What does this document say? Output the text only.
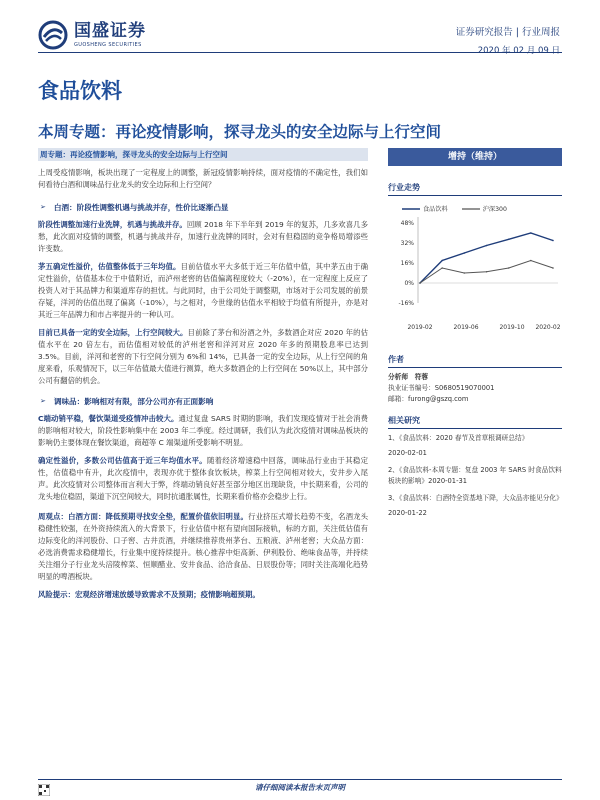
国盛证券
GUOSHENG SECURITIES
证券研究报告 | 行业周报
2020 年 02 月 09 日
食品饮料
本周专题：再论疫情影响，探寻龙头的安全边际与上行空间
周专题：再论疫情影响，探寻龙头的安全边际与上行空间
上周受疫情影响，板块出现了一定程度上的调整，新冠疫情影响持续，面对疫情的不确定性，我们如何看待白酒和调味品行业龙头的安全边际和上行空间？
➢ 白酒：阶段性调整机遇与挑战并存，性价比逐渐凸显
阶段性调整加速行业洗牌，机遇与挑战并存。回顾 2018 年下半年到 2019 年的复苏，几多欢喜几多愁，此次面对疫情的调整，机遇与挑战并存，加速行业洗牌的同时，会对有但稳固的竞争格局增添些许变数。
茅五确定性溢价，估值整体低于三年均值。目前估值水平大多低于近三年估值中值，其中茅五由于确定性溢价，估值基本位于中值附近，而泸州老窖的估值偏离程度较大（-20%），在一定程度上反应了投资人对于其品牌力和渠道库存的担忧。与此同时，由于公司处于调整期，市场对于公司发展的前景存疑，洋河的估值出现了偏离（-10%），与之相对，今世缘的估值水平相较于均值有所提升，亦是对其近三年品牌力和市占率提升的一种认可。
目前已具备一定的安全边际，上行空间较大。目前除了茅台和汾酒之外，多数酒企对应 2020 年的估值水平在 20 倍左右，而估值相对较低的泸州老窖和洋河对应 2020 年多的预期股息率已达到 3.5%。目前，洋河和老窖的下行空间分别为 6%和 14%，已具备一定的安全边际，从上行空间的角度来看，乐观情况下，以三年估值最大值进行测算，绝大多数酒企的上行空间在 50%以上，其中部分公司有翻倍的机会。
➢ 调味品：影响相对有限，部分公司亦有正面影响
C端动销平稳，餐饮渠道受疫情冲击较大。通过复盘 SARS 时期的影响，我们发现疫情对于社会消费的影响相对较大，阶段性影响集中在 2003 年二季度。经过调研，我们认为此次疫情对调味品板块的影响仍主要体现在餐饮渠道，商超等 C 端渠道所受影响不明显。
确定性溢价，多数公司估值高于近三年均值水平。随着经济增速稳中回落，调味品行业由于其稳定性，估值稳中有升，此次疫情中，表现亦优于整体食饮板块，榨菜上行空间相对较大，安井步入尾声。此次疫情对公司整体而言利大于弊，终端动销良好甚至部分地区出现缺货，中长期来看，公司的龙头地位稳固，渠道下沉空间较大，同时抗通胀属性，长期来看价格亦会稳步上行。
周观点：白酒方面：降低预期寻找安全垫，配置价值依旧明显。行业挤压式增长趋势不变，名酒龙头稳健性较强，在外资持续流入的大背景下，行业估值中枢有望向国际接轨，标的方面，关注低估值有边际变化的洋河股份、口子窖、古井贡酒，并继续推荐贵州茅台、五粮液、泸州老窖；大众品方面：必选消费需求稳健增长，行业集中度持续提升。核心推荐中炬高新、伊利股份、绝味食品等，并持续关注细分子行业龙头涪陵榨菜、恒顺醋业、安井食品、洽洽食品、日辰股份等；同时关注高端化趋势明显的啤酒板块。
风险提示：宏观经济增速放缓导致需求不及预期；疫情影响超预期。
增持（维持）
行业走势
食品饮料	沪深300
48%
32%
16%
0%
-16%

2019-02	2019-06	2019-10 2020-02
作者
分析师　符蓉
执业证书编号：S0680519070001
邮箱：furong@gszq.com
相关研究
1、《食品饮料：2020 春节及首草根调研总结》
2020-02-01
2、《食品饮料-本周专题：复盘 2003 年 SARS 时食品饮料板块的影响》2020-01-31
3、《食品饮料：白酒特全资基地下降，大众品亦能见分化》
2020-01-22
请仔细阅读本报告末页声明
